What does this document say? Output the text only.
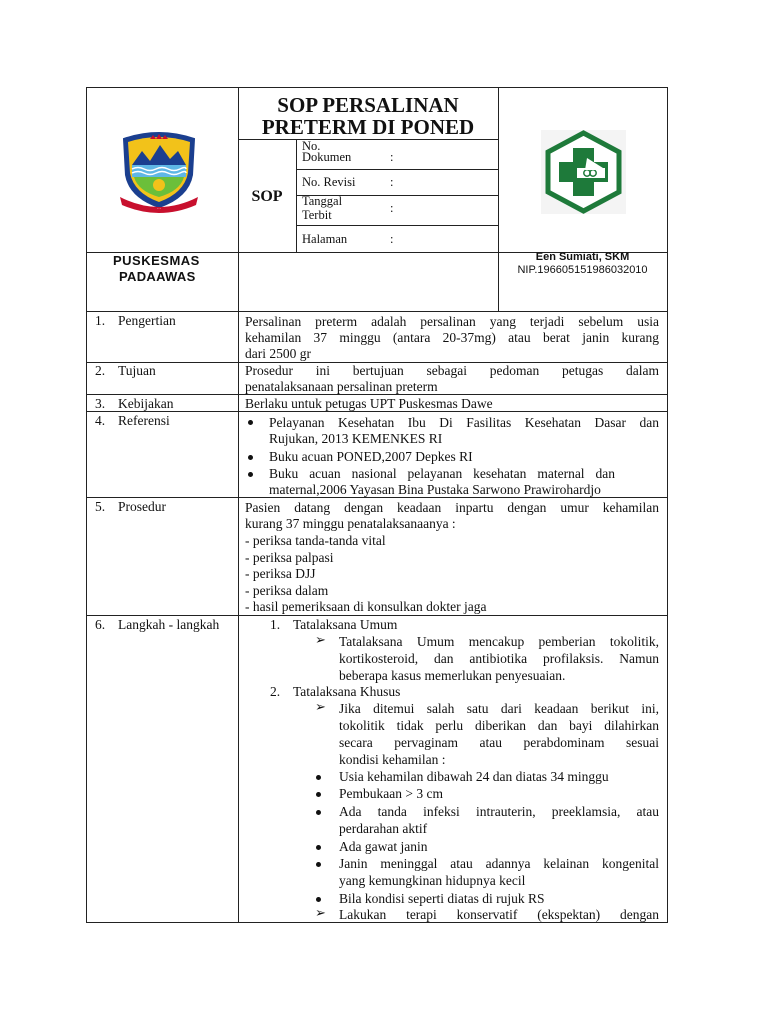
...
SOP PERSALINAN
PRETERM DI PONED
SOP
No.
Dokumen	:
No. Revisi	:
Tanggal
Terbit	:
Halaman	:
PUSKESMAS
PADAAWAS
Een Sumiati, SKM
NIP.196605151986032010
1. Pengertian	Persalinan preterm adalah persalinan yang terjadi sebelum usia
kehamilan 37 minggu (antara 20-37mg) atau berat janin kurang
dari 2500 gr
2. Tujuan	Prosedur ini bertujuan sebagai pedoman petugas dalam
penatalaksanaan persalinan preterm
3. Kebijakan	Berlaku untuk petugas UPT Puskesmas Dawe
4. Referensi	Pelayanan Kesehatan Ibu Di Fasilitas Kesehatan Dasar dan
Rujukan, 2013 KEMENKES RI
Buku acuan PONED,2007 Depkes RI
Buku acuan nasional pelayanan kesehatan maternal dan
maternal,2006 Yayasan Bina Pustaka Sarwono Prawirohardjo
5. Prosedur	Pasien datang dengan keadaan inpartu dengan umur kehamilan
kurang 37 minggu penatalaksanaanya :
- periksa tanda-tanda vital
- periksa palpasi
- periksa DJJ
- periksa dalam
- hasil pemeriksaan di konsulkan dokter jaga
6. Langkah - langkah	1. Tatalaksana Umum
➢ Tatalaksana Umum mencakup pemberian tokolitik,
kortikosteroid, dan antibiotika profilaksis. Namun
beberapa kasus memerlukan penyesuaian.
2. Tatalaksana Khusus
➢ Jika ditemui salah satu dari keadaan berikut ini,
tokolitik tidak perlu diberikan dan bayi dilahirkan
secara pervaginam atau perabdominam sesuai
kondisi kehamilan :
Usia kehamilan dibawah 24 dan diatas 34 minggu
Pembukaan > 3 cm
Ada tanda infeksi intrauterin, preeklamsia, atau
perdarahan aktif
Ada gawat janin
Janin meninggal atau adannya kelainan kongenital
yang kemungkinan hidupnya kecil
Bila kondisi seperti diatas di rujuk RS
➢ Lakukan terapi konservatif (ekspektan) dengan
